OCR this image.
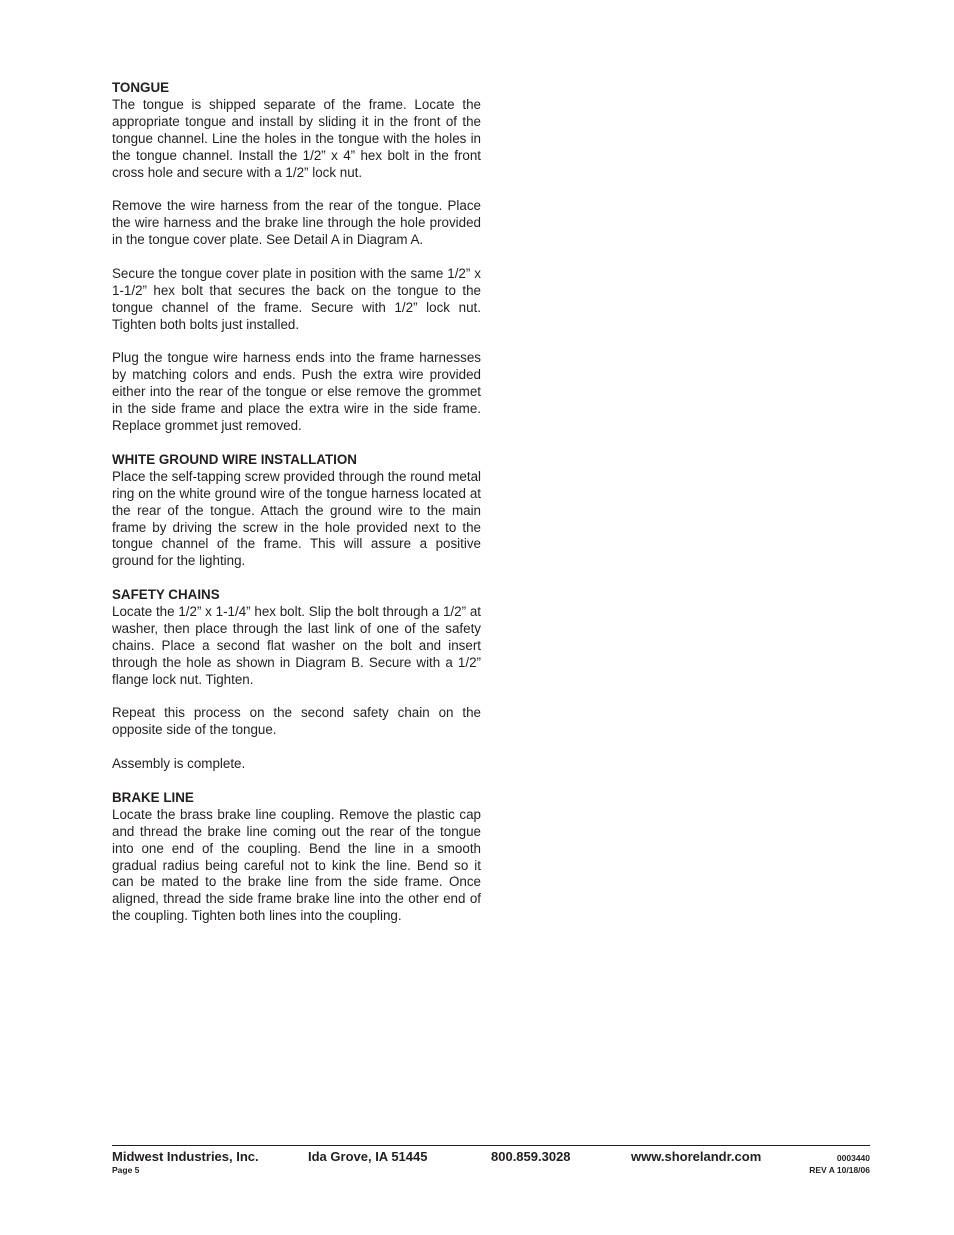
TONGUE

The tongue is shipped separate of the frame. Locate the appropriate tongue and install by sliding it in the front of the tongue channel. Line the holes in the tongue with the holes in the tongue channel. Install the 1/2” x 4” hex bolt in the front cross hole and secure with a 1/2” lock nut.

Remove the wire harness from the rear of the tongue. Place the wire harness and the brake line through the hole provided in the tongue cover plate. See Detail A in Diagram A.

Secure the tongue cover plate in position with the same 1/2” x 1-1/2” hex bolt that secures the back on the tongue to the tongue channel of the frame. Secure with 1/2” lock nut. Tighten both bolts just installed.

Plug the tongue wire harness ends into the frame harnesses by matching colors and ends. Push the extra wire provided either into the rear of the tongue or else remove the grommet in the side frame and place the extra wire in the side frame. Replace grommet just removed.

WHITE GROUND WIRE INSTALLATION

Place the self-tapping screw provided through the round metal ring on the white ground wire of the tongue harness located at the rear of the tongue. Attach the ground wire to the main frame by driving the screw in the hole provided next to the tongue channel of the frame. This will assure a positive ground for the lighting.

SAFETY CHAINS

Locate the 1/2” x 1-1/4” hex bolt. Slip the bolt through a 1/2” at washer, then place through the last link of one of the safety chains. Place a second flat washer on the bolt and insert through the hole as shown in Diagram B. Secure with a 1/2” flange lock nut. Tighten.

Repeat this process on the second safety chain on the opposite side of the tongue.

Assembly is complete.

BRAKE LINE

Locate the brass brake line coupling. Remove the plastic cap and thread the brake line coming out the rear of the tongue into one end of the coupling. Bend the line in a smooth gradual radius being careful not to kink the line. Bend so it can be mated to the brake line from the side frame. Once aligned, thread the side frame brake line into the other end of the coupling. Tighten both lines into the coupling.

Midwest Industries, Inc.	Ida Grove, IA 51445	800.859.3028	www.shorelandr.com	0003440
Page 5	REV A 10/18/06
